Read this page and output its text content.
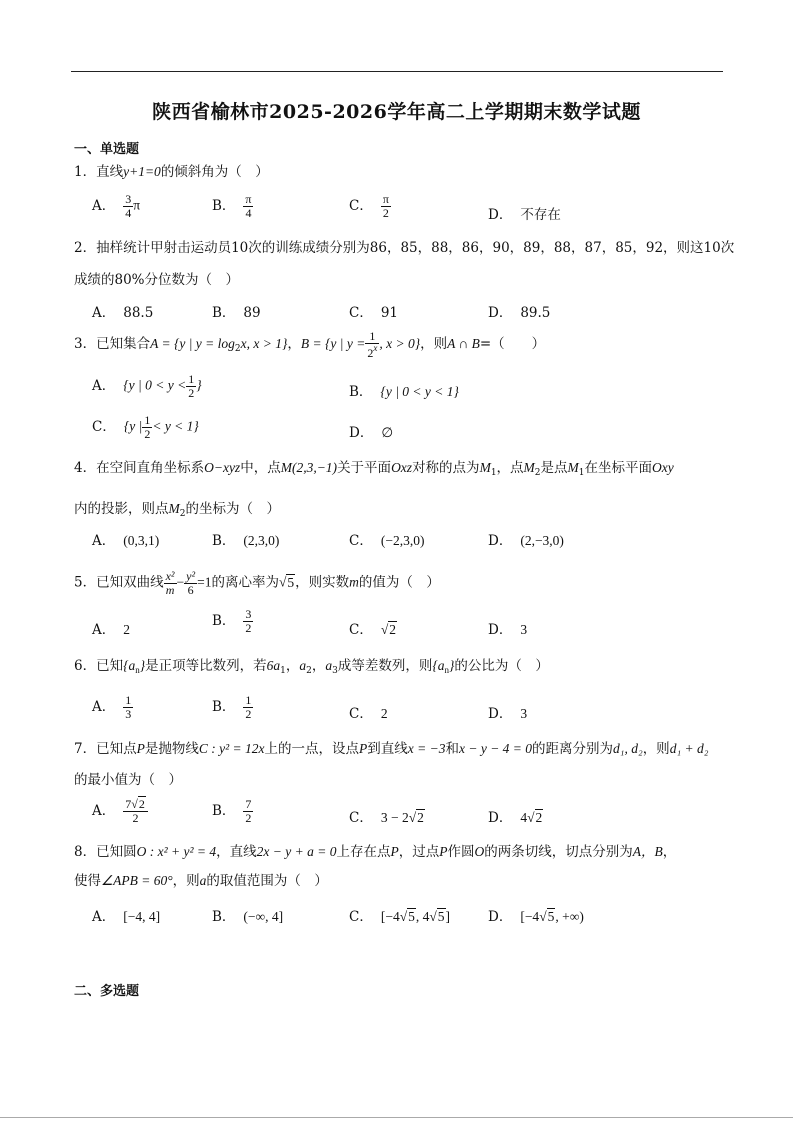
陕西省榆林市2025-2026学年高二上学期期末数学试题
一、单选题
1．直线y+1=0的倾斜角为（　）
A． $\frac{3}{4}$ π	B． $\frac{\pi}{4}$	C． $\frac{\pi}{2}$	D． 不存在
2．抽样统计甲射击运动员10次的训练成绩分别为86，85，88，86，90，89，88，87，85，92，则这10次
成绩的80%分位数为（　）
A． 88.5	B． 89	C． 91	D． 89.5
3．已知集合A = {y | $y = \log_2x$, x > 1}，B = {y | $y = \frac{1}{2^x}$ , x > 0}，则A ∩ B=（　　）
A． {y | $0 < y < \frac{1}{2}$ }	B． {y | 0 < y < 1}
C． {y | $\frac{1}{2} < y < 1$}	D． ∅
4．在空间直角坐标系O−xyz中，点M(2,3,−1)关于平面Oxz对称的点为$M_1$，点$M_2$是点$M_1$在坐标平面Oxy
内的投影，则点$M_2$的坐标为（　）
A． (0,3,1)	B． (2,3,0)	C． (−2,3,0)	D． (2,−3,0)
5．已知双曲线 $\frac{\text{x²}}{m} - \frac{\text{y²}}{6} =1$的离心率为√5，则实数m的值为（　）
A． 2
B． $\frac{3}{2}$	C． √2	D． 3
6．已知$\{a_n\}$是正项等比数列，若$6a_1$，$a_2$，$a_3$成等差数列，则$\{a_n\}$的公比为（　）
A． $\frac{1}{3}$	B． $\frac{1}{2}$	C． 2	D． 3
7．已知点P是抛物线C : y² = 12x上的一点，设点P到直线x = −3和x − y − 4 = 0的距离分别为d₁, d₂，则d₁ + d₂
的最小值为（　）
A． $\frac{7√2}{2}$	B． $\frac{7}{2}$	C． 3 − 2√2	D． 4√2
8．已知圆O : x² + y² = 4，直线2x − y + a = 0上存在点P，过点P作圆O的两条切线，切点分别为A，B，
使得∠APB = 60°，则a的取值范围为（　）
A． [−4, 4]	B． (−∞, 4]	C． [−4√5, 4√5]	D． [−4√5, +∞)
二、多选题
